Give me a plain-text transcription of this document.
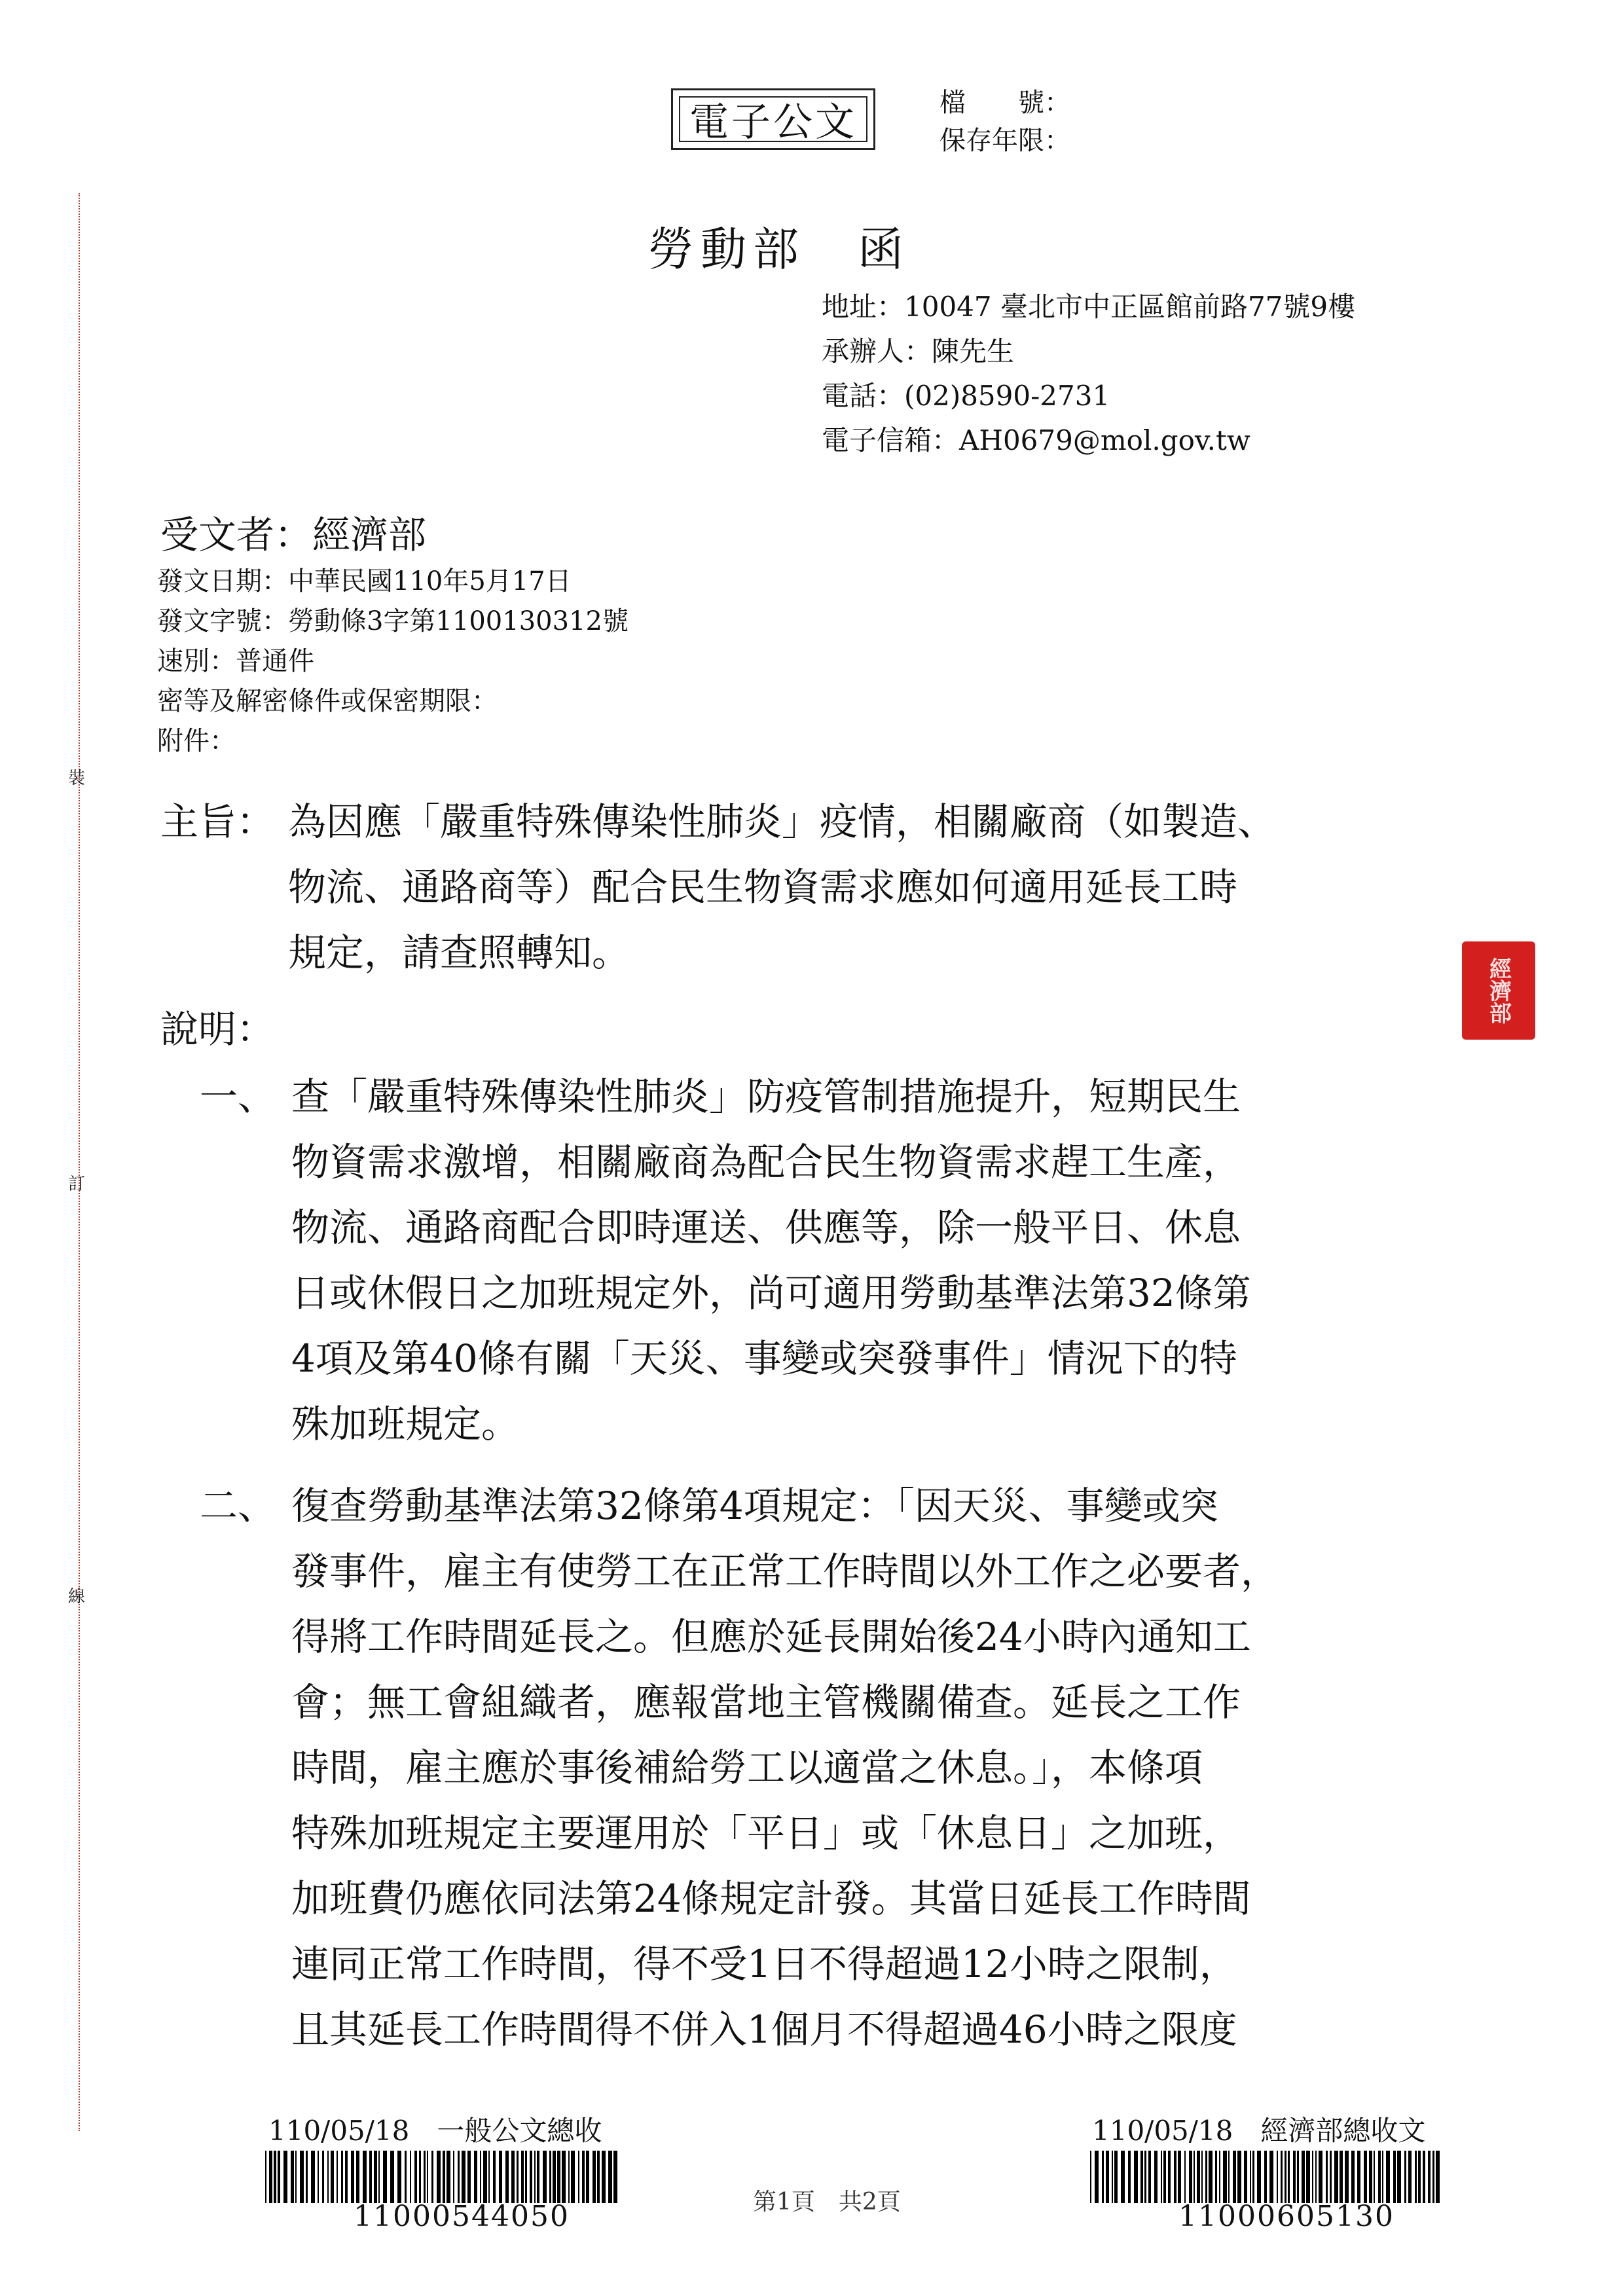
裝
訂
線
電子公文	檔　　號：
保存年限：
勞動部　函
地址：10047 臺北市中正區館前路77號9樓
承辦人：陳先生
電話：(02)8590-2731
電子信箱：AH0679@mol.gov.tw
受文者：經濟部
發文日期：中華民國110年5月17日
發文字號：勞動條3字第1100130312號
速別：普通件
密等及解密條件或保密期限：
附件：
主旨： 為因應「嚴重特殊傳染性肺炎」疫情，相關廠商（如製造、
物流、通路商等）配合民生物資需求應如何適用延長工時
規定，請查照轉知。
經濟部
說明：
一、 查「嚴重特殊傳染性肺炎」防疫管制措施提升，短期民生
物資需求激增，相關廠商為配合民生物資需求趕工生產，
物流、通路商配合即時運送、供應等，除一般平日、休息
日或休假日之加班規定外，尚可適用勞動基準法第32條第
4項及第40條有關「天災、事變或突發事件」情況下的特
殊加班規定。
二、 復查勞動基準法第32條第4項規定：「因天災、事變或突
發事件，雇主有使勞工在正常工作時間以外工作之必要者，
得將工作時間延長之。但應於延長開始後24小時內通知工
會；無工會組織者，應報當地主管機關備查。延長之工作
時間，雇主應於事後補給勞工以適當之休息。」，本條項
特殊加班規定主要運用於「平日」或「休息日」之加班，
加班費仍應依同法第24條規定計發。其當日延長工作時間
連同正常工作時間，得不受1日不得超過12小時之限制，
且其延長工作時間得不併入1個月不得超過46小時之限度
110/05/18　一般公文總收
11000544050	第1頁　共2頁
110/05/18　經濟部總收文
11000605130
